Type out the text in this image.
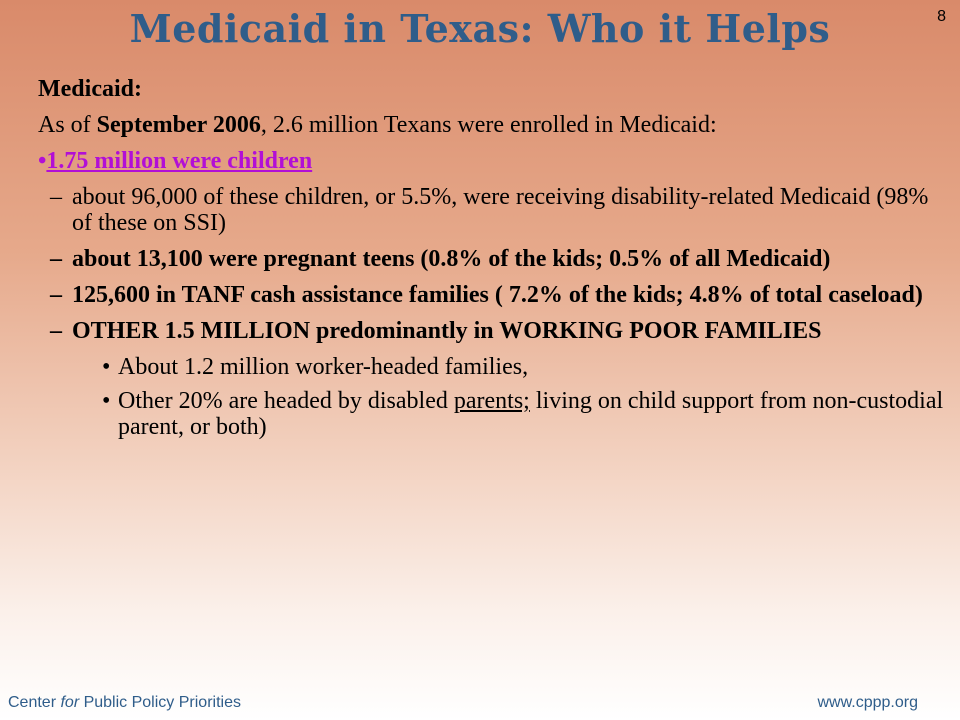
8
Medicaid in Texas: Who it Helps
Medicaid:
As of September 2006, 2.6 million Texans were enrolled in Medicaid:
•1.75 million were children
– about 96,000 of these children, or 5.5%, were receiving disability-related Medicaid (98% of these on SSI)
– about 13,100 were pregnant teens (0.8% of the kids; 0.5% of all Medicaid)
– 125,600 in TANF cash assistance families ( 7.2% of the kids; 4.8% of total caseload)
– OTHER 1.5 MILLION predominantly in WORKING POOR FAMILIES
• About 1.2 million worker-headed families,
• Other 20% are headed by disabled parents; living on child support from non-custodial parent, or both)
Center for Public Policy Priorities	www.cppp.org
